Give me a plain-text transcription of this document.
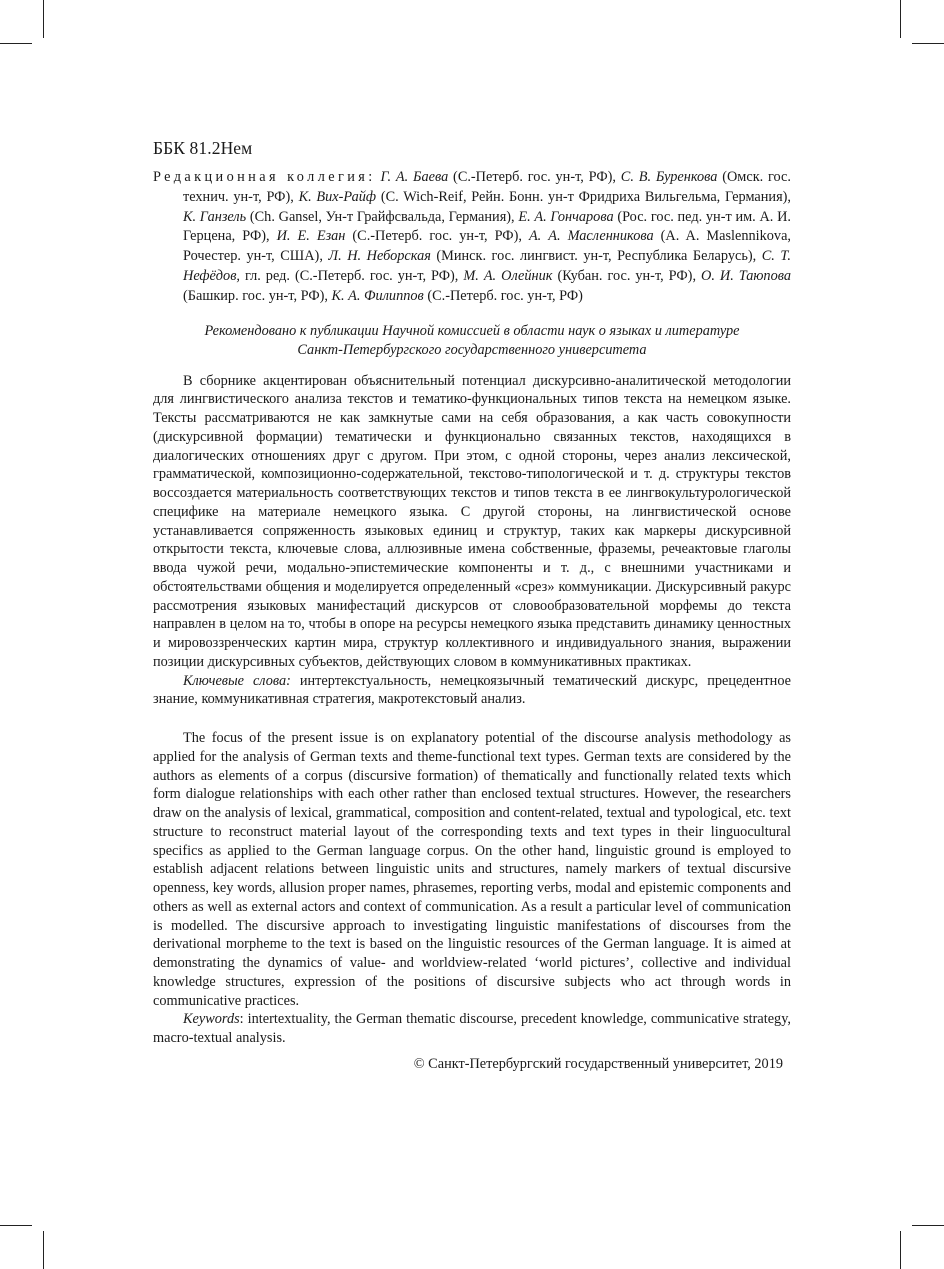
ББК 81.2Нем

Редакционная коллегия: Г. А. Баева (С.-Петерб. гос. ун-т, РФ), С. В. Буренкова (Омск. гос. технич. ун-т, РФ), К. Вих-Райф (C. Wich-Reif, Рейн. Бонн. ун-т Фридриха Вильгельма, Германия), К. Ганзель (Ch. Gansel, Ун-т Грайфсвальда, Германия), Е. А. Гончарова (Рос. гос. пед. ун-т им. А. И. Герцена, РФ), И. Е. Езан (С.-Петерб. гос. ун-т, РФ), А. А. Масленникова (A. A. Maslennikova, Рочестер. ун-т, США), Л. Н. Неборская (Минск. гос. лингвист. ун-т, Республика Беларусь), С. Т. Нефёдов, гл. ред. (С.-Петерб. гос. ун-т, РФ), М. А. Олейник (Кубан. гос. ун-т, РФ), О. И. Таюпова (Башкир. гос. ун-т, РФ), К. А. Филиппов (С.-Петерб. гос. ун-т, РФ)

Рекомендовано к публикации Научной комиссией в области наук о языках и литературе
Санкт-Петербургского государственного университета

В сборнике акцентирован объяснительный потенциал дискурсивно-аналитической методологии для лингвистического анализа текстов и тематико-функциональных типов текста на немецком языке. Тексты рассматриваются не как замкнутые сами на себя образования, а как часть совокупности (дискурсивной формации) тематически и функционально связанных текстов, находящихся в диалогических отношениях друг с другом. При этом, с одной стороны, через анализ лексической, грамматической, композиционно-содержательной, текстово-типологической и т. д. структуры текстов воссоздается материальность соответствующих текстов и типов текста в ее лингвокультурологической специфике на материале немецкого языка. С другой стороны, на лингвистической основе устанавливается сопряженность языковых единиц и структур, таких как маркеры дискурсивной открытости текста, ключевые слова, аллюзивные имена собственные, фраземы, речеактовые глаголы ввода чужой речи, модально-эпистемические компоненты и т. д., с внешними участниками и обстоятельствами общения и моделируется определенный «срез» коммуникации. Дискурсивный ракурс рассмотрения языковых манифестаций дискурсов от словообразовательной морфемы до текста направлен в целом на то, чтобы в опоре на ресурсы немецкого языка представить динамику ценностных и мировоззренческих картин мира, структур коллективного и индивидуального знания, выражении позиции дискурсивных субъектов, действующих словом в коммуникативных практиках.

Ключевые слова: интертекстуальность, немецкоязычный тематический дискурс, прецедентное знание, коммуникативная стратегия, макротекстовый анализ.

The focus of the present issue is on explanatory potential of the discourse analysis methodology as applied for the analysis of German texts and theme-functional text types. German texts are considered by the authors as elements of a corpus (discursive formation) of thematically and functionally related texts which form dialogue relationships with each other rather than enclosed textual structures. However, the researchers draw on the analysis of lexical, grammatical, composition and content-related, textual and typological, etc. text structure to reconstruct material layout of the corresponding texts and text types in their linguocultural specifics as applied to the German language corpus. On the other hand, linguistic ground is employed to establish adjacent relations between linguistic units and structures, namely markers of textual discursive openness, key words, allusion proper names, phrasemes, reporting verbs, modal and epistemic components and others as well as external actors and context of communication. As a result a particular level of communication is modelled. The discursive approach to investigating linguistic manifestations of discourses from the derivational morpheme to the text is based on the linguistic resources of the German language. It is aimed at demonstrating the dynamics of value- and worldview-related ‘world pictures’, collective and individual knowledge structures, expression of the positions of discursive subjects who act through words in communicative practices.

Keywords: intertextuality, the German thematic discourse, precedent knowledge, communicative strategy, macro-textual analysis.

© Санкт-Петербургский государственный университет, 2019
